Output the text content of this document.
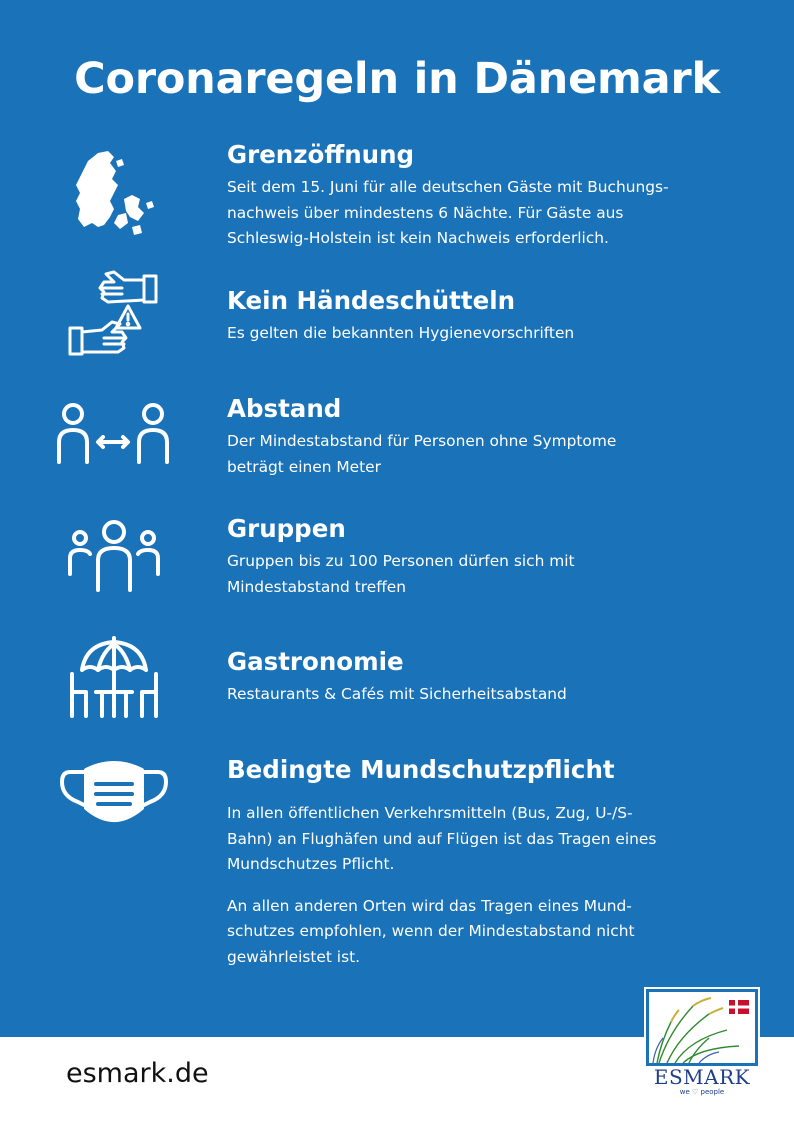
Coronaregeln in Dänemark
Grenzöffnung

Seit dem 15. Juni für alle deutschen Gäste mit Buchungs-
nachweis über mindestens 6 Nächte. Für Gäste aus
Schleswig-Holstein ist kein Nachweis erforderlich.

Kein Händeschütteln

Es gelten die bekannten Hygienevorschriften

Abstand

Der Mindestabstand für Personen ohne Symptome
beträgt einen Meter

Gruppen

Gruppen bis zu 100 Personen dürfen sich mit
Mindestabstand treffen

Gastronomie

Restaurants & Cafés mit Sicherheitsabstand

Bedingte Mundschutzpflicht

In allen öffentlichen Verkehrsmitteln (Bus, Zug, U-/S-
Bahn) an Flughäfen und auf Flügen ist das Tragen eines
Mundschutzes Pflicht.

An allen anderen Orten wird das Tragen eines Mund-
schutzes empfohlen, wenn der Mindestabstand nicht
gewährleistet ist.

esmark.de	ESMARK
we ♡ people
